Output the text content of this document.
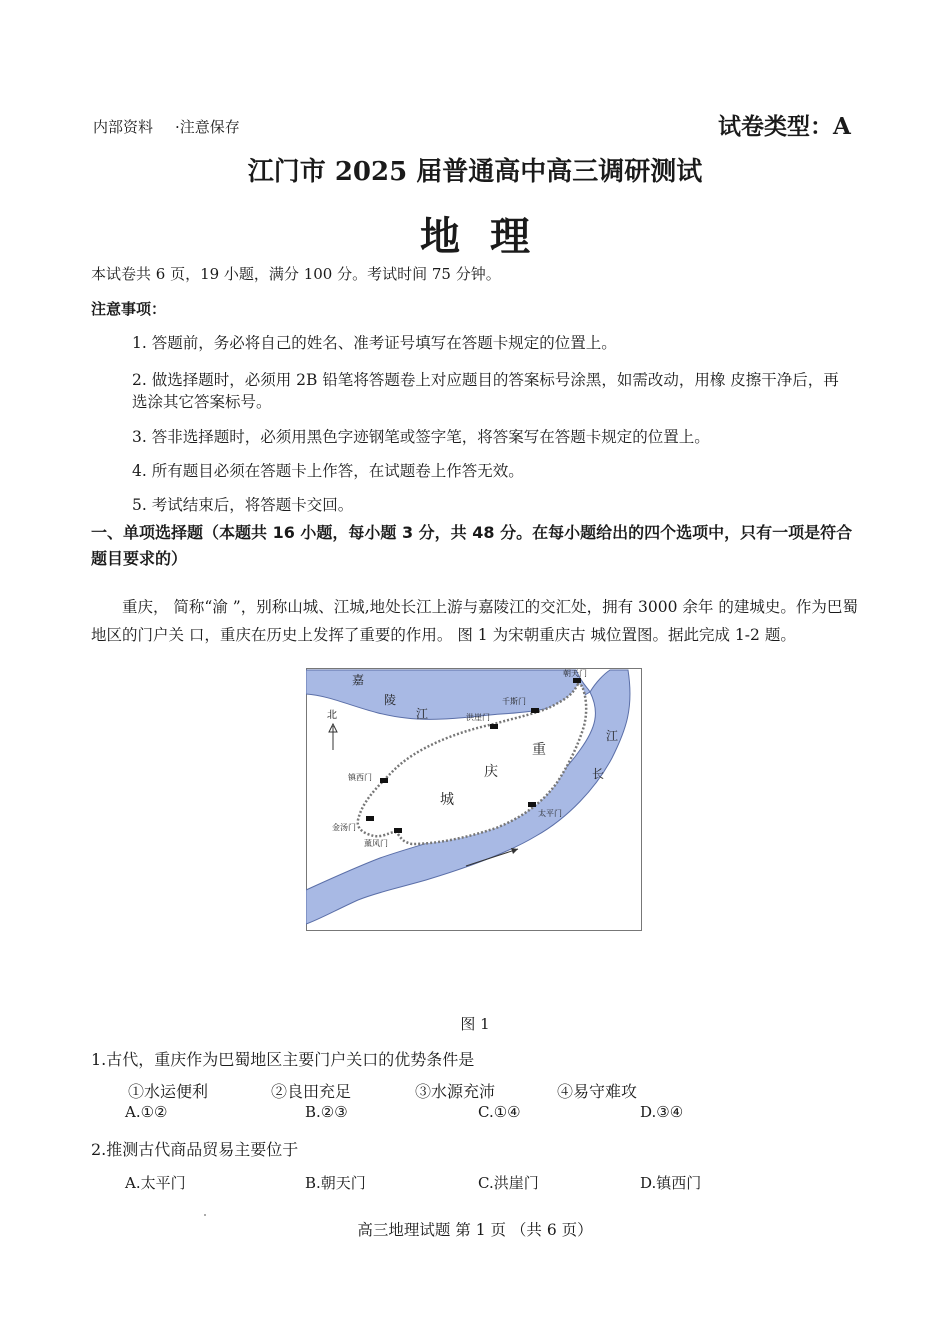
内部资料 ·注意保存	试卷类型：A
江门市 2025 届普通高中高三调研测试
地理
本试卷共 6 页，19 小题，满分 100 分。考试时间 75 分钟。
注意事项：
1. 答题前，务必将自己的姓名、准考证号填写在答题卡规定的位置上。
2. 做选择题时，必须用 2B 铅笔将答题卷上对应题目的答案标号涂黑，如需改动，用橡 皮擦干净后，再选涂其它答案标号。
3. 答非选择题时，必须用黑色字迹钢笔或签字笔，将答案写在答题卡规定的位置上。
4. 所有题目必须在答题卡上作答，在试题卷上作答无效。
5. 考试结束后，将答题卡交回。
一、单项选择题（本题共 16 小题，每小题 3 分，共 48 分。在每小题给出的四个选项中，只有一项是符合题目要求的）
重庆， 简称“渝 ”，别称山城、江城,地处长江上游与嘉陵江的交汇处，拥有 3000 余年 的建城史。作为巴蜀地区的门户关 口，重庆在历史上发挥了重要的作用。 图 1 为宋朝重庆古 城位置图。据此完成 1-2 题。
北
嘉
陵
江
江
长
重
庆
城
朝天门
千斯门
洪崖门
镇西门
金汤门
薰风门
太平门
图 1
1.古代，重庆作为巴蜀地区主要门户关口的优势条件是
①水运便利	②良田充足	③水源充沛	④易守难攻
A.①②	B.②③	C.①④	D.③④
2.推测古代商品贸易主要位于
A.太平门	B.朝天门	C.洪崖门	D.镇西门
高三地理试题 第 1 页 （共 6 页）
